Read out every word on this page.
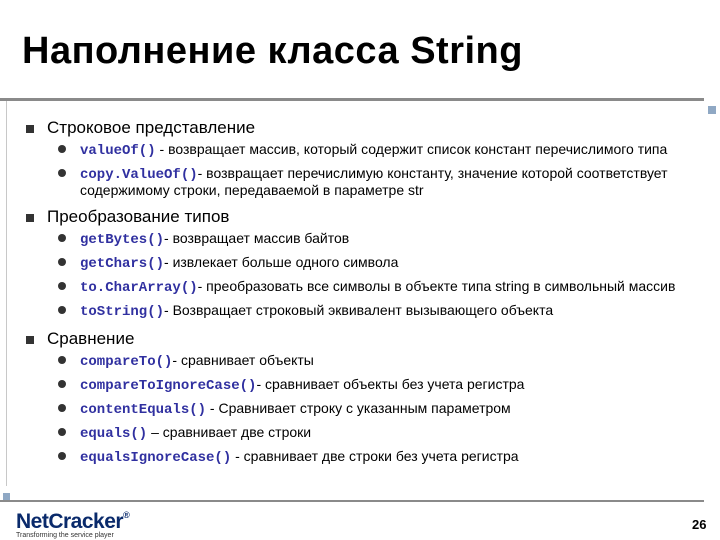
Наполнение класса String
Строковое представление
valueOf() - возвращает массив, который содержит список констант перечислимого типа
copy.ValueOf()- возвращает перечислимую константу, значение которой соответствует содержимому строки, передаваемой в параметре str
Преобразование типов
getBytes()- возвращает массив байтов
getChars()- извлекает больше одного символа
to.CharArray()- преобразовать все символы в объекте типа string в символьный массив
toString()- Возвращает строковый эквивалент вызывающего объекта
Сравнение
compareTo()- сравнивает объекты
compareToIgnoreCase()- сравнивает объекты без учета регистра
contentEquals() - Сравнивает строку с указанным параметром
equals() – сравнивает две строки
equalsIgnoreCase() - сравнивает две строки без учета регистра
NetCracker®
Transforming the service player
26
